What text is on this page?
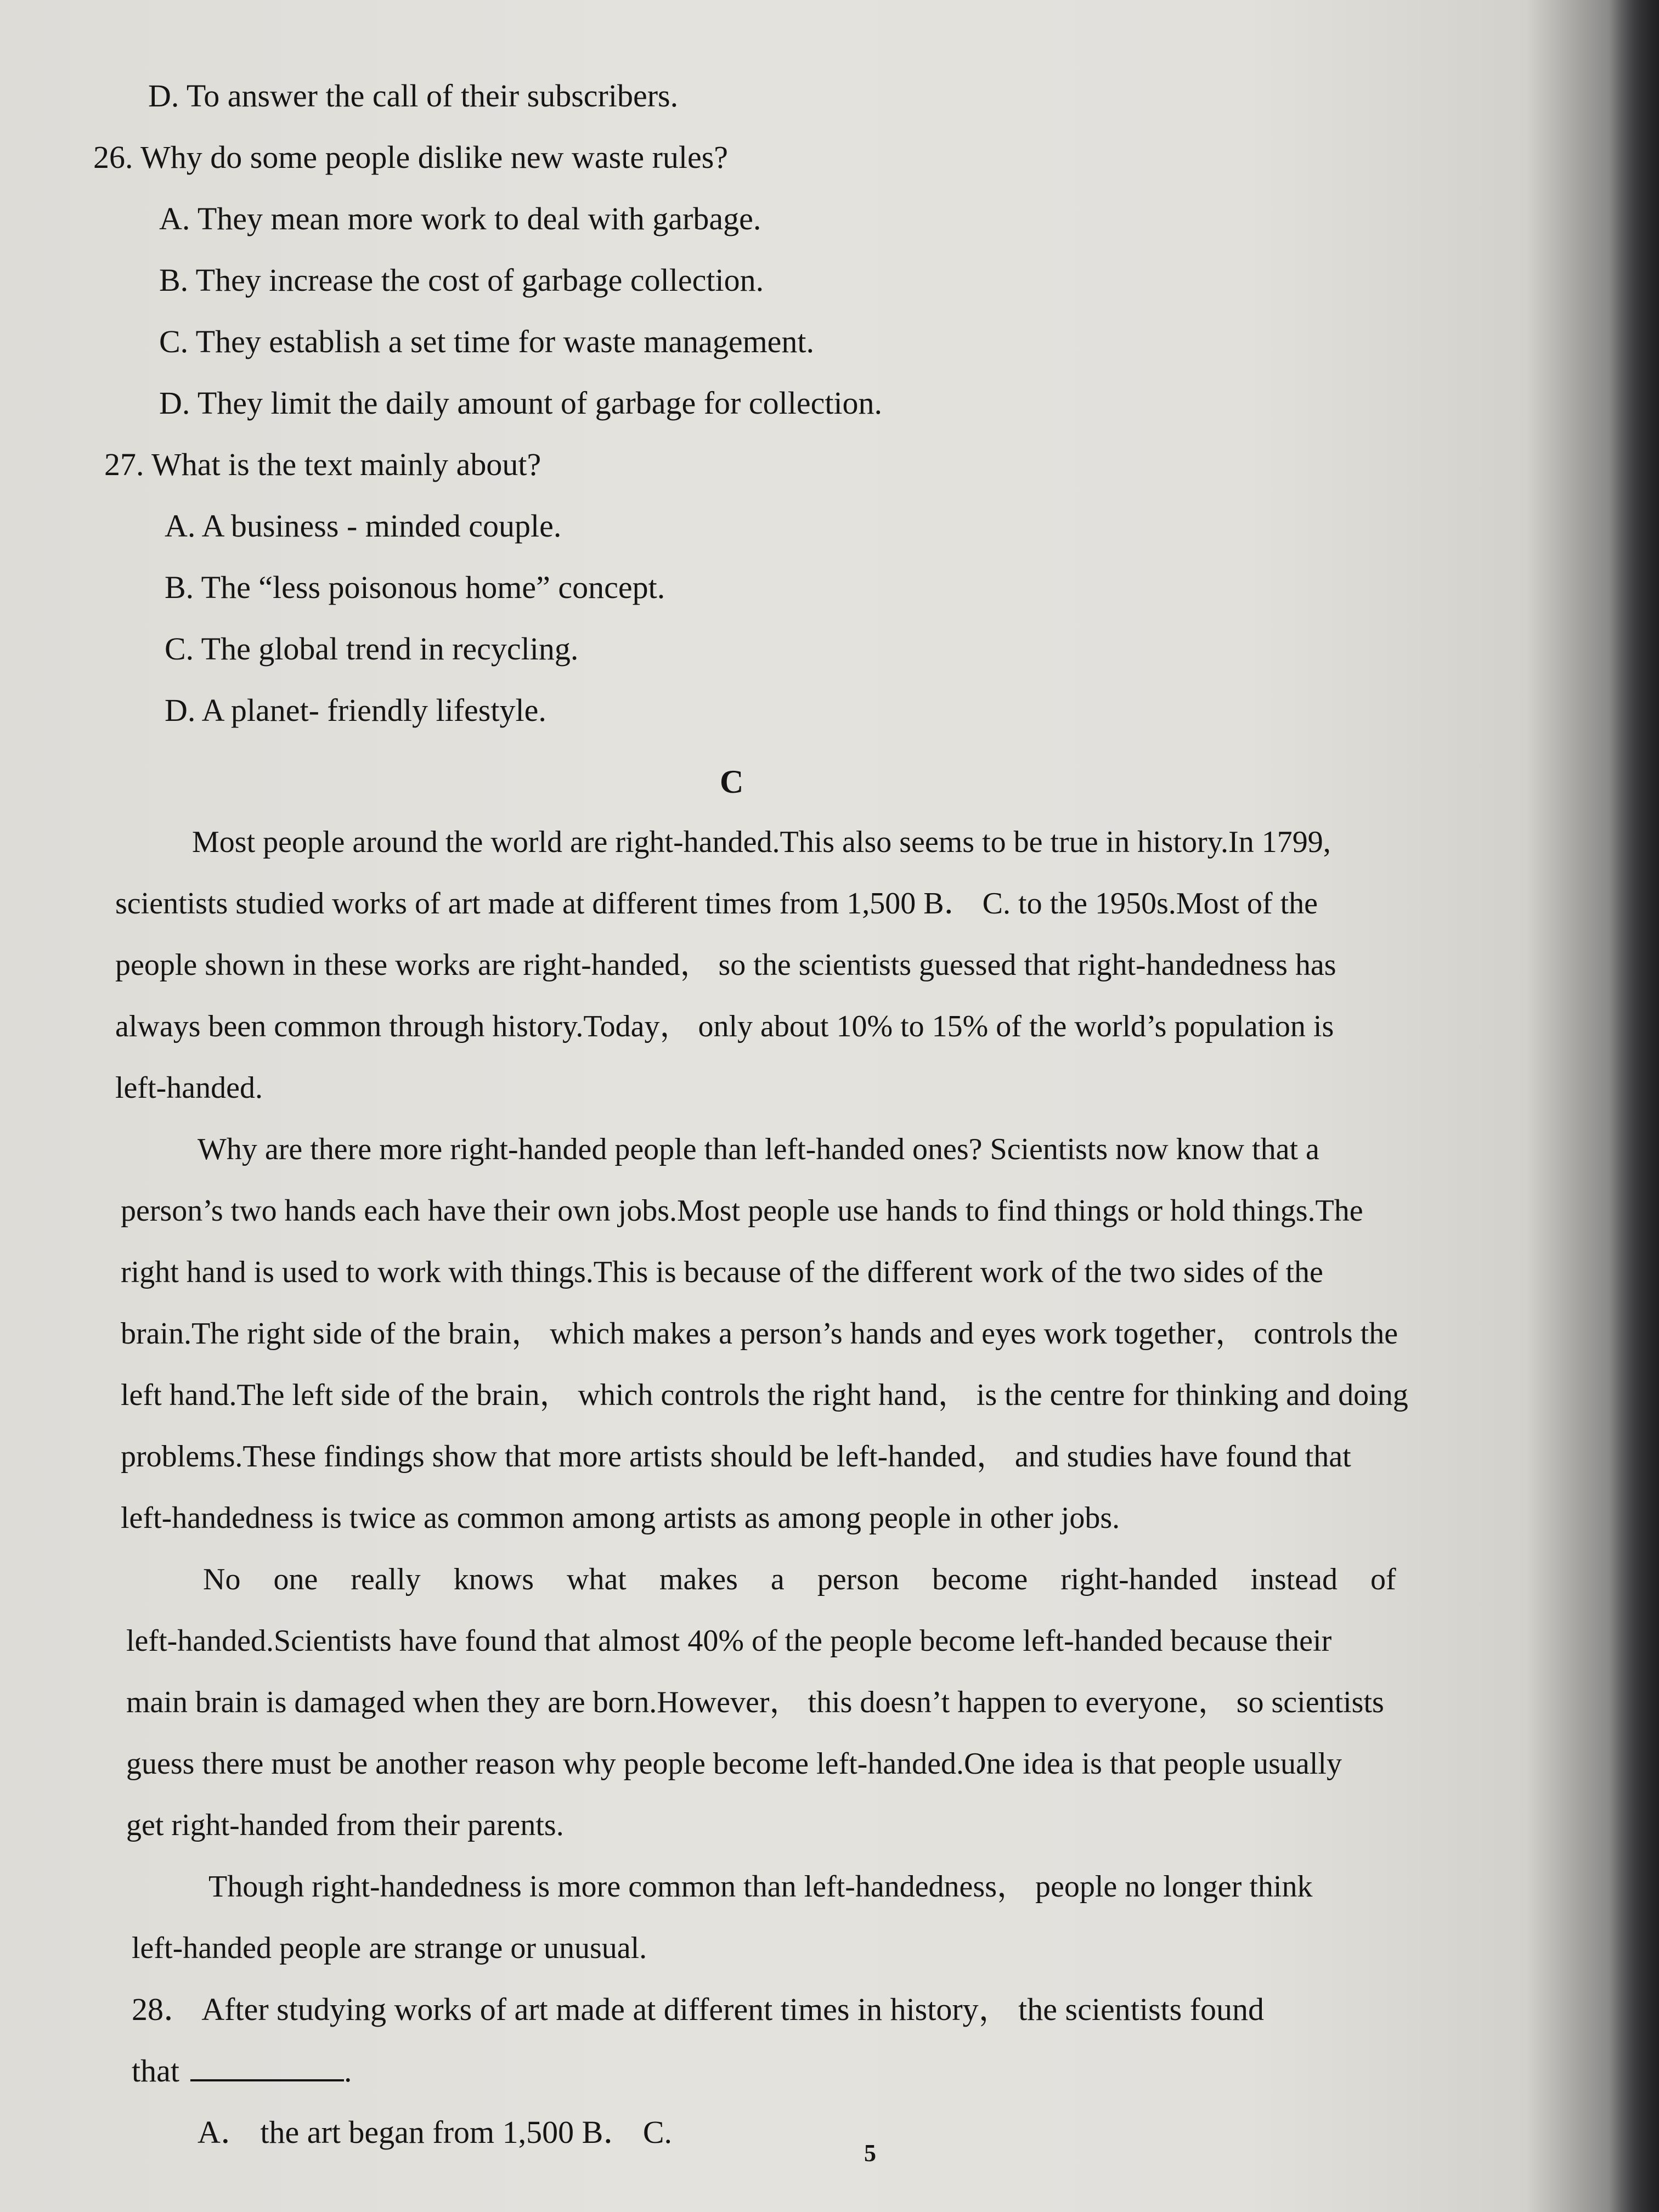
D. To answer the call of their subscribers.
26. Why do some people dislike new waste rules?
A. They mean more work to deal with garbage.
B. They increase the cost of garbage collection.
C. They establish a set time for waste management.
D. They limit the daily amount of garbage for collection.
27. What is the text mainly about?
A. A business - minded couple.
B. The “less poisonous home” concept.
C. The global trend in recycling.
D. A planet- friendly lifestyle.
C
Most people around the world are right-handed.This also seems to be true in history.In 1799,
scientists studied works of art made at different times from 1,500 B． C. to the 1950s.Most of the
people shown in these works are right-handed， so the scientists guessed that right-handedness has
always been common through history.Today， only about 10% to 15% of the world’s population is
left-handed.
Why are there more right-handed people than left-handed ones? Scientists now know that a
person’s two hands each have their own jobs.Most people use hands to find things or hold things.The
right hand is used to work with things.This is because of the different work of the two sides of the
brain.The right side of the brain， which makes a person’s hands and eyes work together， controls the
left hand.The left side of the brain， which controls the right hand， is the centre for thinking and doing
problems.These findings show that more artists should be left-handed， and studies have found that
left-handedness is twice as common among artists as among people in other jobs.
No one really knows what makes a person become right-handed instead of
left-handed.Scientists have found that almost 40% of the people become left-handed because their
main brain is damaged when they are born.However， this doesn’t happen to everyone， so scientists
guess there must be another reason why people become left-handed.One idea is that people usually
get right-handed from their parents.
Though right-handedness is more common than left-handedness， people no longer think
left-handed people are strange or unusual.
28． After studying works of art made at different times in history， the scientists found
that	.
A． the art began from 1,500 B． C.
5
